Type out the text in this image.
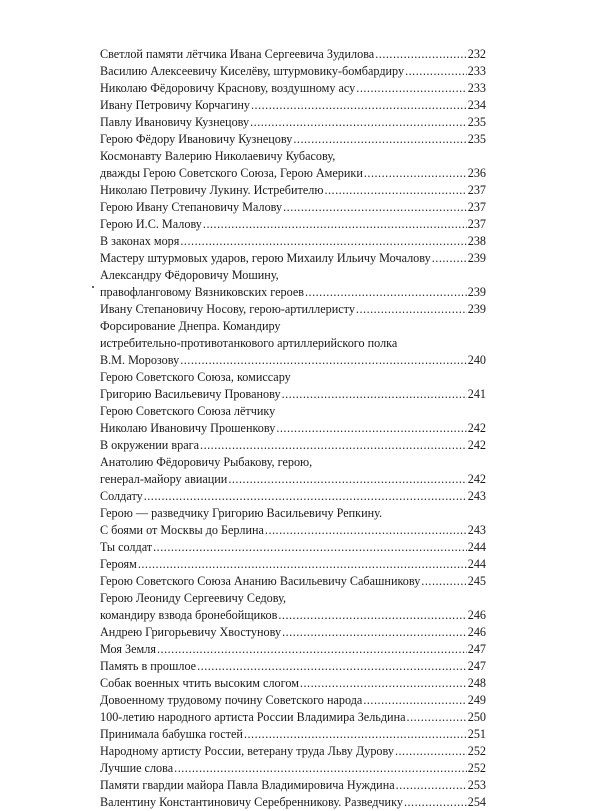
Светлой памяти лётчика Ивана Сергеевича Зудилова .....	232
Василию Алексеевичу Киселёву, штурмовику-бомбардиру .....	233
Николаю Фёдоровичу Краснову, воздушному асу .....	233
Ивану Петровичу Корчагину .....	234
Павлу Ивановичу Кузнецову .....	235
Герою Фёдору Ивановичу Кузнецову .....	235
Космонавту Валерию Николаевичу Кубасову,
дважды Герою Советского Союза, Герою Америки .....	236
Николаю Петровичу Лукину. Истребителю .....	237
Герою Ивану Степановичу Малову .....	237
Герою И.С. Малову .....	237
В законах моря .....	238
Мастеру штурмовых ударов, герою Михаилу Ильичу Мочалову .....	239
Александру Фёдоровичу Мошину,
правофланговому Вязниковских героев .....	239
Ивану Степановичу Носову, герою-артиллеристу .....	239
Форсирование Днепра. Командиру
истребительно-противотанкового артиллерийского полка
В.М. Морозову .....	240
Герою Советского Союза, комиссару
Григорию Васильевичу Прованову .....	241
Герою Советского Союза лётчику
Николаю Ивановичу Прошенкову .....	242
В окружении врага .....	242
Анатолию Фёдоровичу Рыбакову, герою,
генерал-майору авиации .....	242
Солдату .....	243
Герою — разведчику Григорию Васильевичу Репкину.
С боями от Москвы до Берлина .....	243
Ты солдат .....	244
Героям .....	244
Герою Советского Союза Ананию Васильевичу Сабашникову .....	245
Герою Леониду Сергеевичу Седову,
командиру взвода бронебойщиков .....	246
Андрею Григорьевичу Хвостунову .....	246
Моя Земля .....	247
Память в прошлое .....	247
Собак военных чтить высоким слогом .....	248
Довоенному трудовому почину Советского народа .....	249
100-летию народного артиста России Владимира Зельдина .....	250
Принимала бабушка гостей .....	251
Народному артисту России, ветерану труда Льву Дурову .....	252
Лучшие слова .....	252
Памяти гвардии майора Павла Владимировича Нуждина .....	253
Валентину Константиновичу Серебренникову. Разведчику .....	254
